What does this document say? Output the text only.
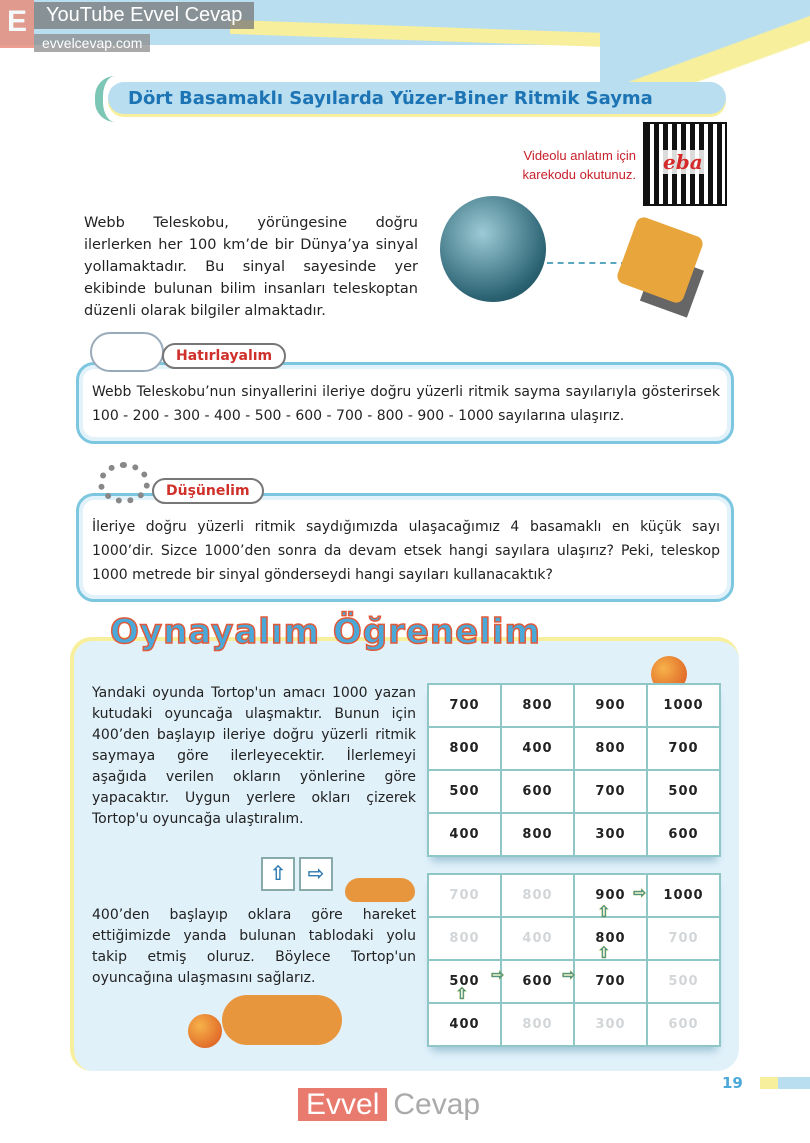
E YouTube Evvel Cevap
evvelcevap.com
Dört Basamaklı Sayılarda Yüzer-Biner Ritmik Sayma
Videolu anlatım için
karekodu okutunuz.
eba
Webb Teleskobu, yörüngesine doğru ilerlerken her 100 km’de bir Dünya’ya sinyal yollamaktadır. Bu sinyal sayesinde yer ekibinde bulunan bilim insanları teleskoptan düzenli olarak bilgiler almaktadır.
Hatırlayalım
Webb Teleskobu’nun sinyallerini ileriye doğru yüzerli ritmik sayma sayılarıyla gösterirsek 100 - 200 - 300 - 400 - 500 - 600 - 700 - 800 - 900 - 1000 sayılarına ulaşırız.
Düşünelim
İleriye doğru yüzerli ritmik saydığımızda ulaşacağımız 4 basamaklı en küçük sayı 1000’dir. Sizce 1000’den sonra da devam etsek hangi sayılara ulaşırız? Peki, teleskop 1000 metrede bir sinyal gönderseydi hangi sayıları kullanacaktık?
Oynayalım Öğrenelim
Yandaki oyunda Tortop'un amacı 1000 yazan kutudaki oyuncağa ulaşmaktır. Bunun için 400’den başlayıp ileriye doğru yüzerli ritmik saymaya göre ilerleyecektir. İlerlemeyi aşağıda verilen okların yönlerine göre yapacaktır. Uygun yerlere okları çizerek Tortop'u oyuncağa ulaştıralım.
⇧	⇨
400’den başlayıp oklara göre hareket ettiğimizde yanda bulunan tablodaki yolu takip etmiş oluruz. Böylece Tortop'un oyuncağına ulaşmasını sağlarız.
700	800	900	1000
800	400	800	700
500	600	700	500
400	800	300	600
700	800	900	1000
800	400	800	700
500	600	700	500
400	800	300	600
19
Evvel Cevap
⇧
⇨	⇨
⇧
⇧
⇨
